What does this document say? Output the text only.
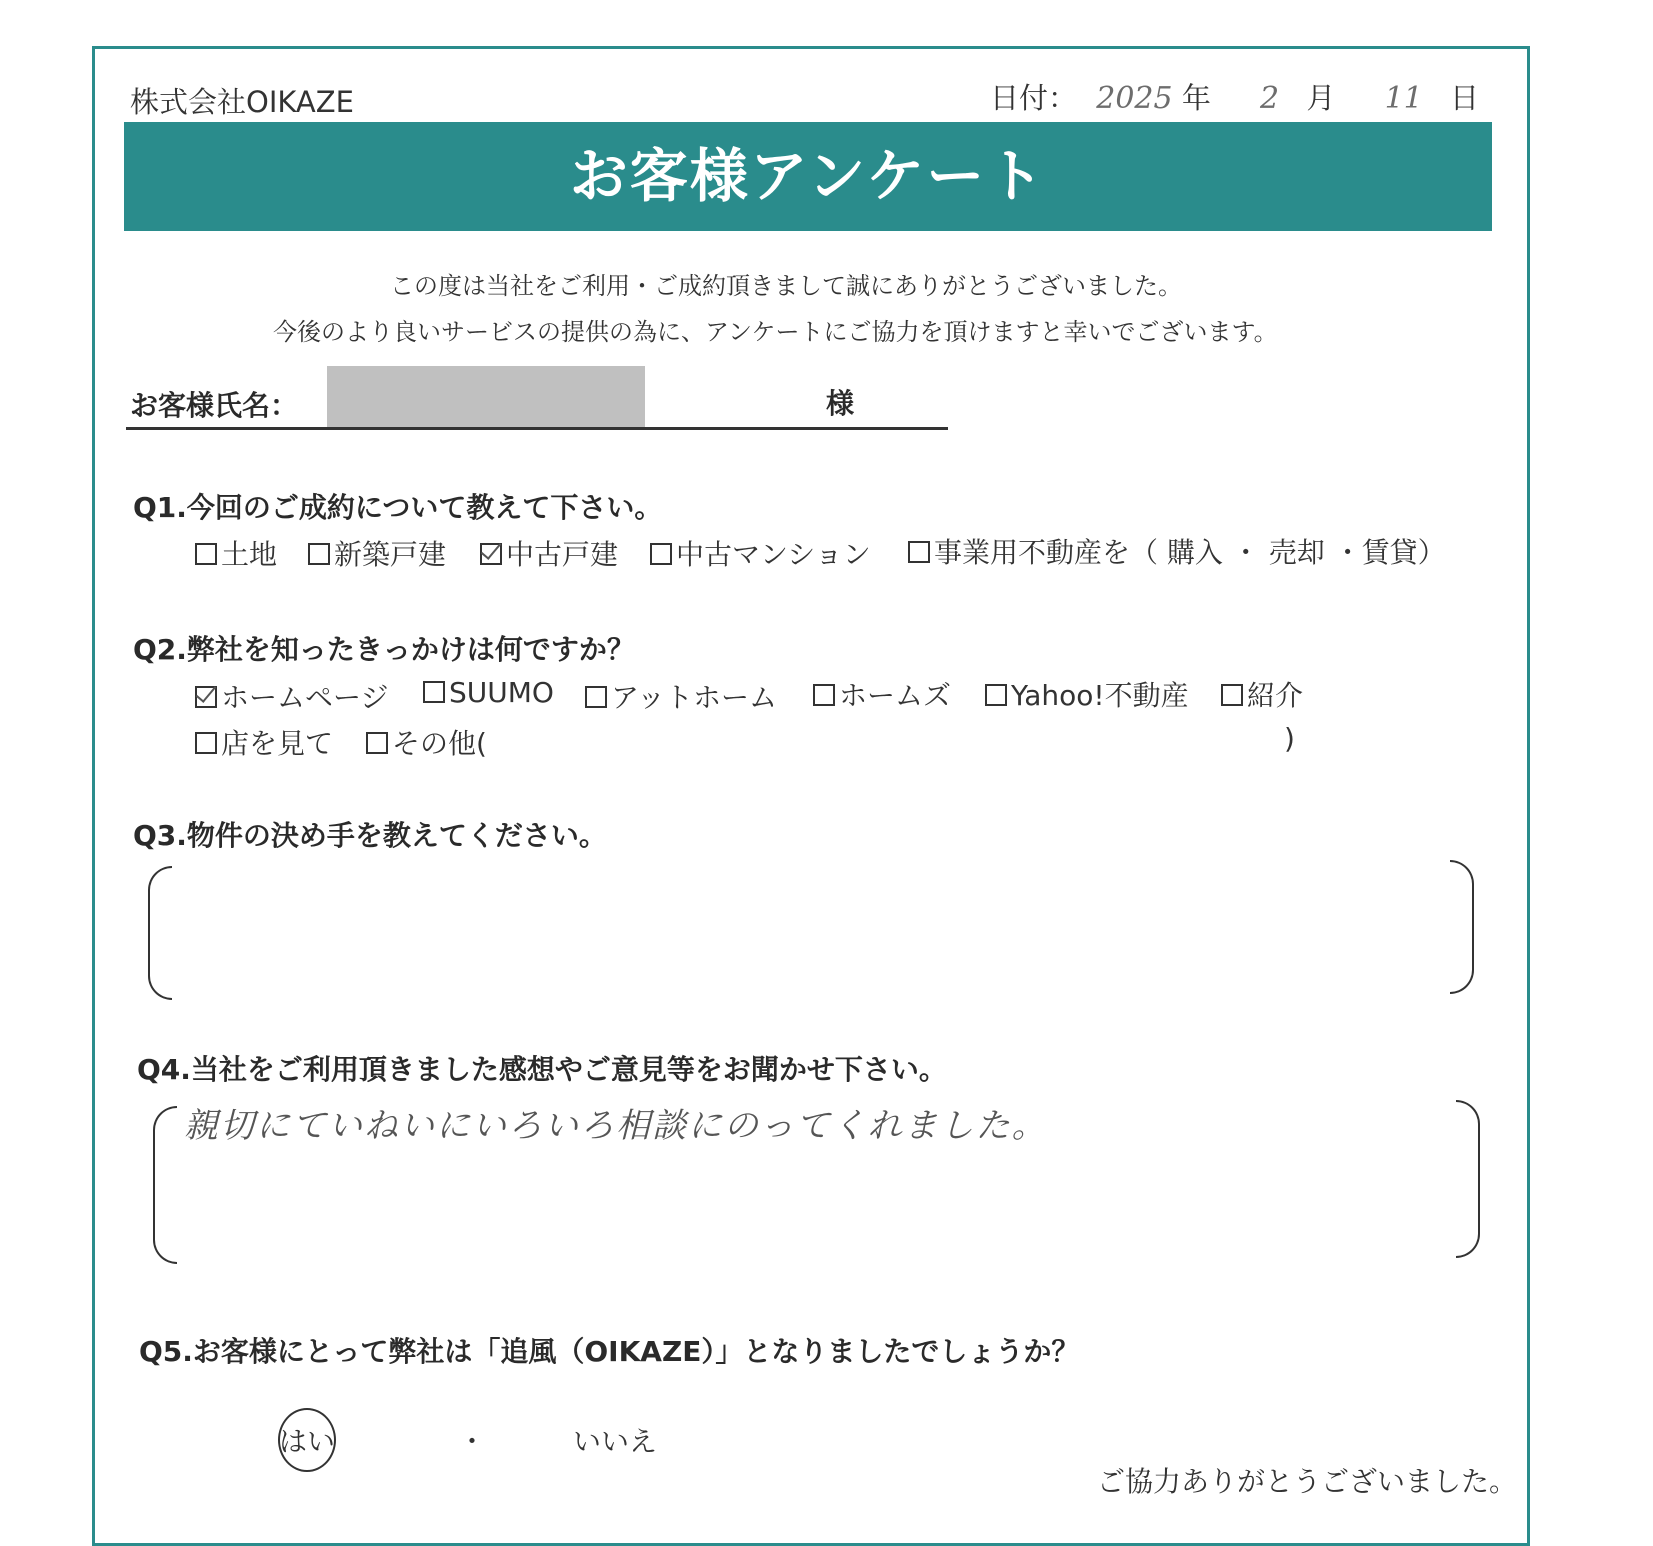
株式会社OIKAZE	日付： 2025 年 2 月 11 日
お客様アンケート
この度は当社をご利用・ご成約頂きまして誠にありがとうございました。
今後のより良いサービスの提供の為に、アンケートにご協力を頂けますと幸いでございます。
お客様氏名：	様
Q1.今回のご成約について教えて下さい。
土地	新築戸建	中古戸建	中古マンション	事業用不動産を（ 購入 ・ 売却 ・賃貸）
Q2.弊社を知ったきっかけは何ですか？
ホームページ	SUUMO	アットホーム	ホームズ	Yahoo!不動産	紹介
店を見て	その他(	)
Q3.物件の決め手を教えてください。
Q4.当社をご利用頂きました感想やご意見等をお聞かせ下さい。
親切にていねいにいろいろ相談にのってくれました。
Q5.お客様にとって弊社は「追風（OIKAZE）」となりましたでしょうか？
はい	・	いいえ
ご協力ありがとうございました。
